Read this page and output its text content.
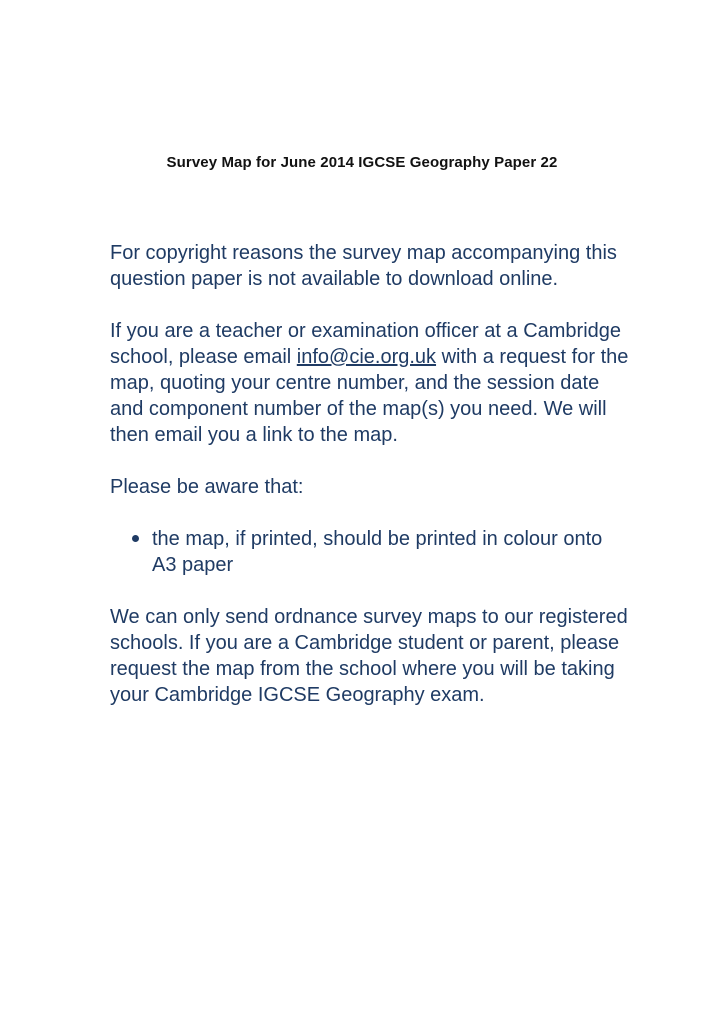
Survey Map for June 2014 IGCSE Geography Paper 22

For copyright reasons the survey map accompanying this question paper is not available to download online.

If you are a teacher or examination officer at a Cambridge school, please email info@cie.org.uk with a request for the map, quoting your centre number, and the session date and component number of the map(s) you need. We will then email you a link to the map.

Please be aware that:

the map, if printed, should be printed in colour onto A3 paper

We can only send ordnance survey maps to our registered schools. If you are a Cambridge student or parent, please request the map from the school where you will be taking your Cambridge IGCSE Geography exam.
